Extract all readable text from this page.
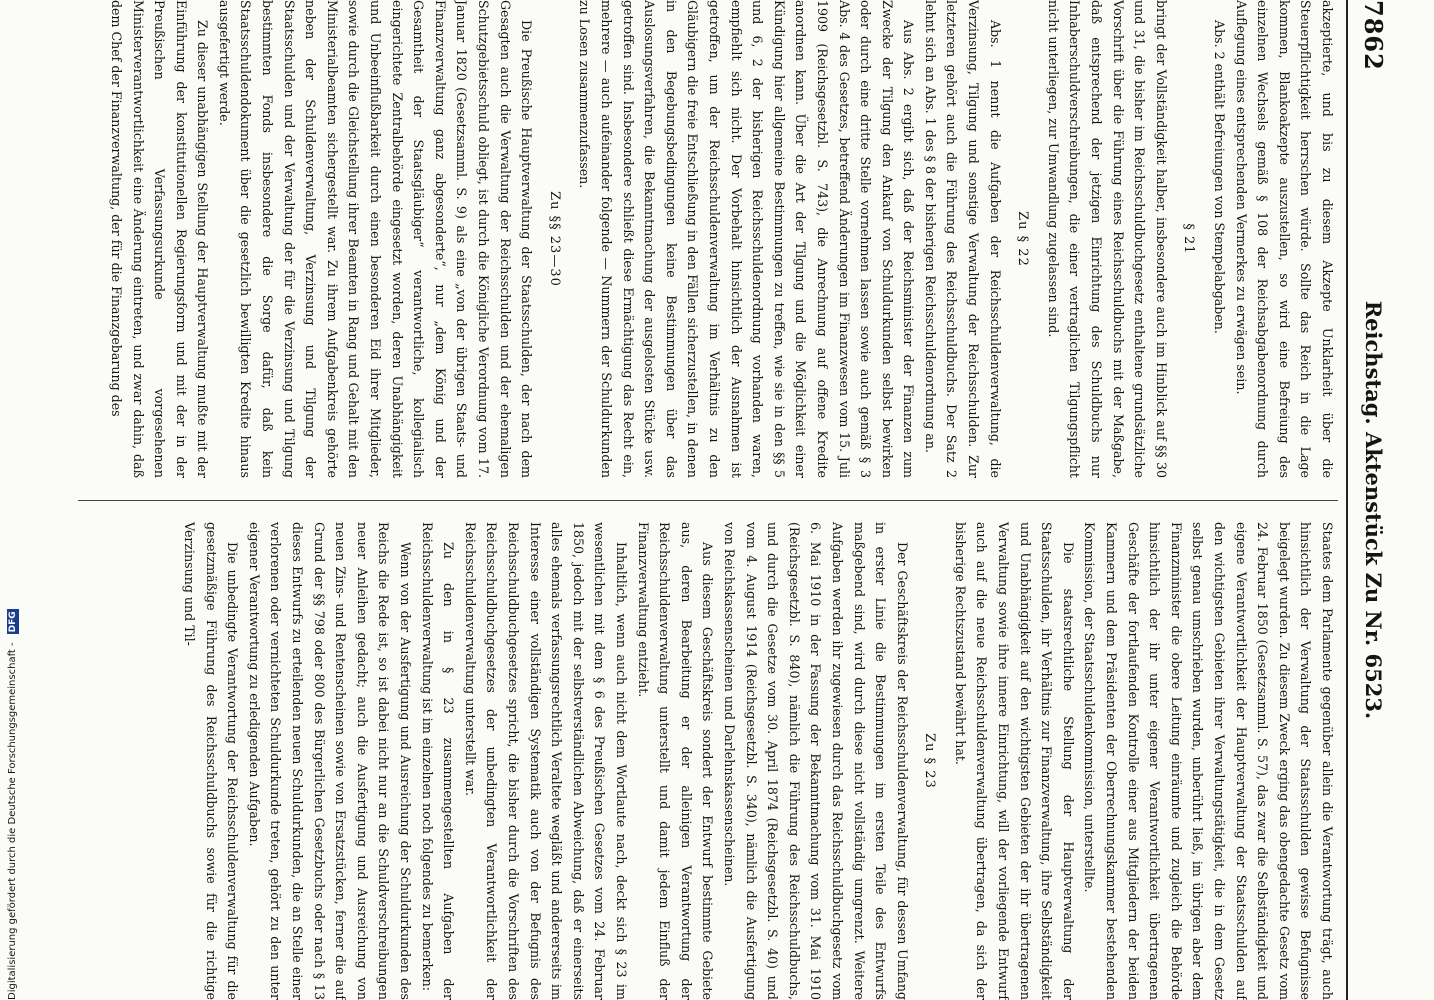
Digitalisierung gefördert durch die Deutsche Forschungsgemeinschaft -
DFG
7862
Reichstag. Aktenstück Zu Nr. 6523.

akzeptierte, und bis zu diesem Akzepte Unklarheit über die Steuerpflichtigkeit herrschen würde. Sollte das Reich in die Lage kommen, Blankoakzepte auszustellen, so wird eine Befreiung des einzelnen Wechsels gemäß § 108 der Reichsabgabenordnung durch Auflegung eines entsprechenden Vermerkes zu erwägen sein.

Abs. 2 enthält Befreiungen von Stempelabgaben.

§ 21

bringt der Vollständigkeit halber, insbesondere auch im Hinblick auf §§ 30 und 31, die bisher im Reichsschuldbuchgesetz enthaltene grundsätzliche Vorschrift über die Führung eines Reichsschuldbuchs mit der Maßgabe, daß entsprechend der jetzigen Einrichtung des Schuldbuchs nur Inhaberschuldverschreibungen, die einer vertraglichen Tilgungspflicht nicht unterliegen, zur Umwandlung zugelassen sind.

Zu § 22

Abs. 1 nennt die Aufgaben der Reichsschuldenverwaltung, die Verzinsung, Tilgung und sonstige Verwaltung der Reichsschulden. Zur letzteren gehört auch die Führung des Reichsschuldbuchs. Der Satz 2 lehnt sich an Abs. 1 des § 8 der bisherigen Reichsschuldenordnung an.

Aus Abs. 2 ergibt sich, daß der Reichsminister der Finanzen zum Zwecke der Tilgung den Ankauf von Schuldurkunden selbst bewirken oder durch eine dritte Stelle vornehmen lassen sowie auch gemäß § 3 Abs. 4 des Gesetzes, betreffend Änderungen im Finanzwesen vom 15. Juli 1909 (Reichsgesetzbl. S. 743), die Anrechnung auf offene Kredite anordnen kann. Über die Art der Tilgung und die Möglichkeit einer Kündigung hier allgemeine Bestimmungen zu treffen, wie sie in den §§ 5 und 6, 2 der bisherigen Reichsschuldenordnung vorhanden waren, empfiehlt sich nicht. Der Vorbehalt hinsichtlich der Ausnahmen ist getroffen, um der Reichsschuldenverwaltung im Verhältnis zu den Gläubigern die freie Entschließung in den Fällen sicherzustellen, in denen in den Begebungsbedingungen keine Bestimmungen über das Auslosungsverfahren, die Bekanntmachung der ausgelosten Stücke usw. getroffen sind. Insbesondere schließt diese Ermächtigung das Recht ein, mehrere — auch aufeinander folgende — Nummern der Schuldurkunden zu Losen zusammenzufassen.

Zu §§ 23—30

Die Preußische Hauptverwaltung der Staatsschulden, der nach dem Gesagten auch die Verwaltung der Reichsschulden und der ehemaligen Schutzgebietsschuld obliegt, ist durch die Königliche Verordnung vom 17. Januar 1820 (Gesetzsamml. S. 9) als eine „von der übrigen Staats- und Finanzverwaltung ganz abgesonderte“, nur „dem König und der Gesamtheit der Staatsgläubiger“ verantwortliche, kollegialisch eingerichtete Zentralbehörde eingesetzt worden, deren Unabhängigkeit und Unbeeinflußbarkeit durch einen besonderen Eid ihrer Mitglieder, sowie durch die Gleichstellung ihrer Beamten in Rang und Gehalt mit den Ministerialbeamten sichergestellt war. Zu ihrem Aufgabenkreis gehörte neben der Schuldenverwaltung, Verzinsung und Tilgung der Staatsschulden und der Verwaltung der für die Verzinsung und Tilgung bestimmten Fonds insbesondere die Sorge dafür, daß kein Staatsschuldendokument über die gesetzlich bewilligten Kredite hinaus ausgefertigt werde.

Zu dieser unabhängigen Stellung der Hauptverwaltung mußte mit der Einführung der konstitutionellen Regierungsform und mit der in der Preußischen Verfassungsurkunde vorgesehenen Ministerverantwortlichkeit eine Änderung eintreten, und zwar dahin, daß dem Chef der Finanzverwaltung, der für die Finanzgebarung des

Staates dem Parlamente gegenüber allein die Verantwortung trägt, auch hinsichtlich der Verwaltung der Staatsschulden gewisse Befugnisse beigelegt wurden. Zu diesem Zweck erging das obengedachte Gesetz vom 24. Februar 1850 (Gesetzsamml. S. 57), das zwar die Selbständigkeit und eigene Verantwortlichkeit der Hauptverwaltung der Staatsschulden auf den wichtigsten Gebieten ihrer Verwaltungstätigkeit, die in dem Gesetz selbst genau umschrieben wurden, unberührt ließ, im übrigen aber dem Finanzminister die obere Leitung einräumte und zugleich die Behörde hinsichtlich der ihr unter eigener Verantwortlichkeit übertragenen Geschäfte der fortlaufenden Kontrolle einer aus Mitgliedern der beiden Kammern und dem Präsidenten der Oberrechnungskammer bestehenden Kommission, der Staatsschuldenkommission, unterstellte.

Die staatsrechtliche Stellung der Hauptverwaltung der Staatsschulden, ihr Verhältnis zur Finanzverwaltung, ihre Selbständigkeit und Unabhängigkeit auf den wichtigsten Gebieten der ihr übertragenen Verwaltung sowie ihre innere Einrichtung, will der vorliegende Entwurf auch auf die neue Reichsschuldenverwaltung übertragen, da sich der bisherige Rechtszustand bewährt hat.

Zu § 23

Der Geschäftskreis der Reichsschuldenverwaltung, für dessen Umfang in erster Linie die Bestimmungen im ersten Teile des Entwurfs maßgebend sind, wird durch diese nicht vollständig umgrenzt. Weitere Aufgaben werden ihr zugewiesen durch das Reichsschuldbuchgesetz vom 6. Mai 1910 in der Fassung der Bekanntmachung vom 31. Mai 1910 (Reichsgesetzbl. S. 840), nämlich die Führung des Reichsschuldbuchs, und durch die Gesetze vom 30. April 1874 (Reichsgesetzbl. S. 40) und vom 4. August 1914 (Reichsgesetzbl. S. 340), nämlich die Ausfertigung von Reichskassenscheinen und Darlehnskassenscheinen.

Aus diesem Geschäftskreis sondert der Entwurf bestimmte Gebiete aus, deren Bearbeitung er der alleinigen Verantwortung der Reichsschuldenverwaltung unterstellt und damit jedem Einfluß der Finanzverwaltung entzieht.

Inhaltlich, wenn auch nicht dem Wortlaute nach, deckt sich § 23 im wesentlichen mit dem § 6 des Preußischen Gesetzes vom 24. Februar 1850, jedoch mit der selbstverständlichen Abweichung, daß er einerseits alles ehemals verfassungsrechtlich Veraltete wegläßt und andererseits im Interesse einer vollständigen Systematik auch von der Befugnis des Reichsschuldbuchgesetzes spricht, die bisher durch die Vorschriften des Reichsschuldbuchgesetzes der unbedingten Verantwortlichkeit der Reichsschuldenverwaltung unterstellt war.

Zu den in § 23 zusammengestellten Aufgaben der Reichsschuldenverwaltung ist im einzelnen noch folgendes zu bemerken:

Wenn von der Ausfertigung und Ausreichung der Schuldurkunden des Reichs die Rede ist, so ist dabei nicht nur an die Schuldverschreibungen neuer Anleihen gedacht; auch die Ausfertigung und Ausreichung von neuen Zins- und Rentenscheinen sowie von Ersatzstücken, ferner die auf Grund der §§ 798 oder 800 des Bürgerlichen Gesetzbuchs oder nach § 13 dieses Entwurfs zu erteilenden neuen Schuldurkunden, die an Stelle einer verlorenen oder vernichteten Schuldurkunde treten, gehört zu den unter eigener Verantwortung zu erledigenden Aufgaben.

Die unbedingte Verantwortung der Reichsschuldenverwaltung für die gesetzmäßige Führung des Reichsschuldbuchs sowie für die richtige Verzinsung und Til-
